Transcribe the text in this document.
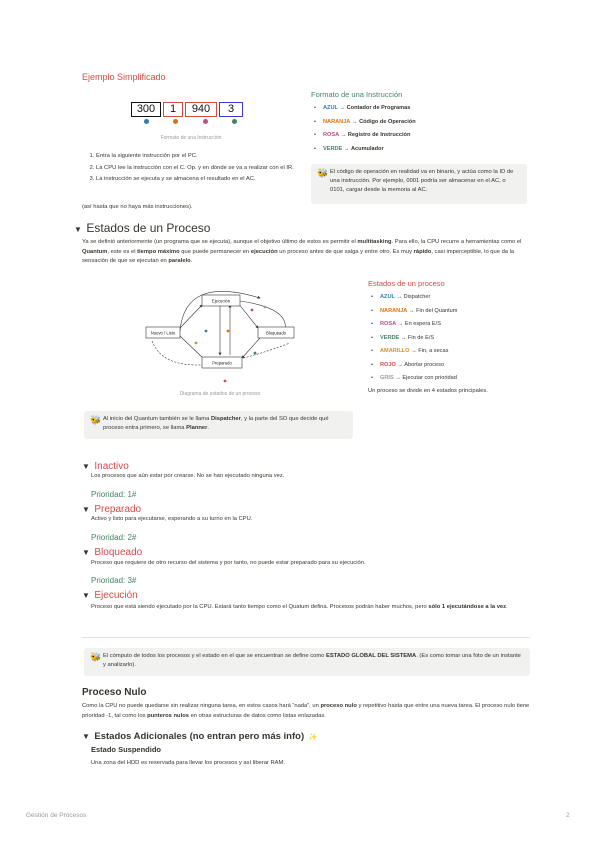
Ejemplo Simplificado
300 1 940 3
Formato de una Instrucción
1. Entra la siguiente instrucción por el PC.
2. La CPU lee la instrucción con el C. Op. y en dónde se va a realizar con el IR.
3. La instrucción se ejecuta y se almacena el resultado en el AC.
(así hasta que no haya más instrucciones).
Formato de una Instrucción
• AZUL → Contador de Programas
• NARANJA → Código de Operación
• ROSA → Registro de Instrucción
• VERDE → Acumulador
🐝 El código de operación en realidad va en binario, y actúa como la ID de una instrucción. Por ejemplo, 0001 podría ser almacenar en el AC, o 0101, cargar desde la memoria al AC.
▼ Estados de un Proceso
Ya se definió anteriormente (un programa que se ejecuta), aunque el objetivo último de estos es permitir el multitasking. Para ello, la CPU recurre a herramientas como el Quantum, este es el tiempo máximo que puede permanecer en ejecución un proceso antes de que salga y entre otro. Es muy rápido, casi imperceptible, lo que da la sensación de que se ejecutan en paralelo.
Ejecución
Nuevo / Listo	Bloqueado
Preparado
Diagrama de estados de un proceso
Estados de un proceso
• AZUL → Dispatcher
• NARANJA → Fin del Quantum
• ROSA → En espera E/S
• VERDE → Fin de E/S
• AMARILLO → Fin, a secas
• ROJO → Abortar proceso
• GRIS → Ejecutar con prioridad
Un proceso se divide en 4 estados principales.
🐝 Al inicio del Quantum también se le llama Dispatcher, y la parte del SO que decide qué proceso entra primero, se llama Planner.
▼ Inactivo
Los procesos que aún estar por crearse. No se han ejecutado ninguna vez.
Prioridad: 1#
▼ Preparado
Activo y listo para ejecutarse, esperando a su turno en la CPU.
Prioridad: 2#
▼ Bloqueado
Proceso que requiere de otro recurso del sistema y por tanto, no puede estar preparado para su ejecución.
Prioridad: 3#
▼ Ejecución
Proceso que está siendo ejecutado por la CPU. Estará tanto tiempo como el Quatum defina. Procesos podrán haber muchos, pero sólo 1 ejecutándose a la vez.
🐝 El cómputo de todos los procesos y el estado en el que se encuentran se define como ESTADO GLOBAL DEL SISTEMA. (Es como tomar una foto de un instante y analizarlo).
Proceso Nulo
Como la CPU no puede quedarse sin realizar ninguna tarea, en estos casos hará “nada”, un proceso nulo y repetitivo hasta que entre una nueva tarea. El proceso nulo tiene prioridad -1, tal como los punteros nulos en otras estructuras de datos como listas enlazadas.
▼ Estados Adicionales (no entran pero más info) ✨
Estado Suspendido
Una zona del HDD es reservada para llevar los procesos y así liberar RAM.
Gestión de Procesos	2
